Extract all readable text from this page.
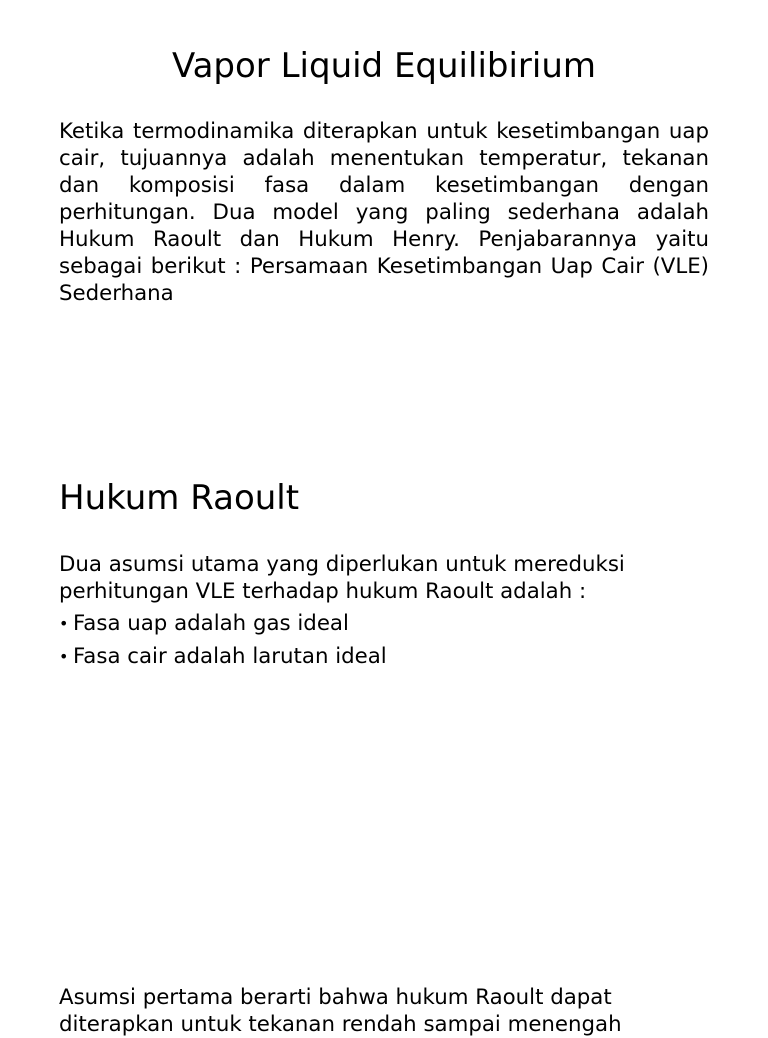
Vapor Liquid Equilibirium

Ketika termodinamika diterapkan untuk kesetimbangan uap cair, tujuannya adalah menentukan temperatur, tekanan dan komposisi fasa dalam kesetimbangan dengan perhitungan. Dua model yang paling sederhana adalah Hukum Raoult dan Hukum Henry. Penjabarannya yaitu sebagai berikut : Persamaan Kesetimbangan Uap Cair (VLE) Sederhana

Hukum Raoult

Dua asumsi utama yang diperlukan untuk mereduksi perhitungan VLE terhadap hukum Raoult adalah :

• Fasa uap adalah gas ideal
• Fasa cair adalah larutan ideal

Asumsi pertama berarti bahwa hukum Raoult dapat diterapkan untuk tekanan rendah sampai menengah
